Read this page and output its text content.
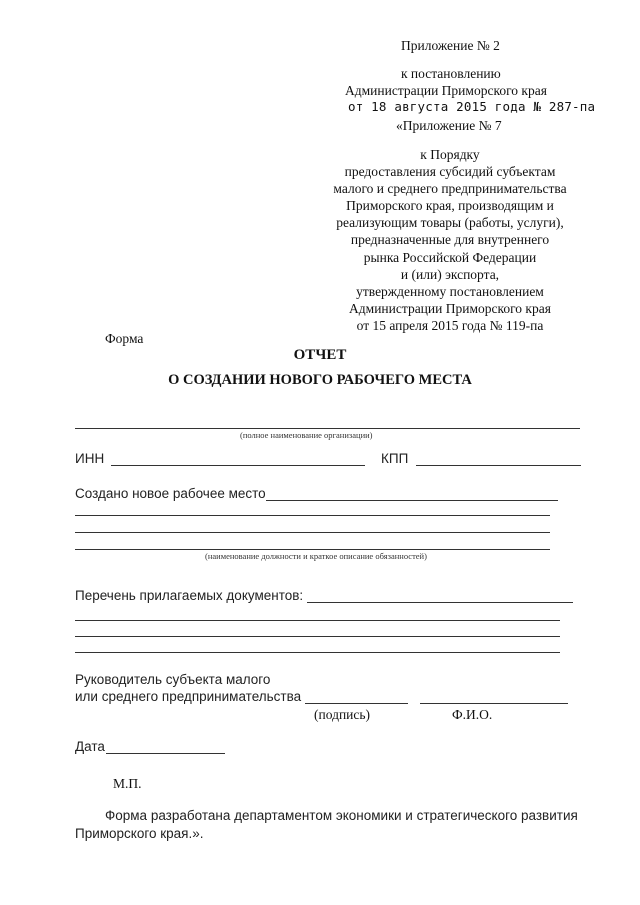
Приложение № 2
к постановлению
Администрации Приморского края
от 18 августа 2015 года № 287-па
«Приложение № 7
к Порядку
предоставления субсидий субъектам
малого и среднего предпринимательства
Приморского края, производящим и
реализующим товары (работы, услуги),
предназначенные для внутреннего
рынка Российской Федерации
и (или) экспорта,
утвержденному постановлением
Администрации Приморского края
от 15 апреля 2015 года № 119-па
Форма
ОТЧЕТ
О СОЗДАНИИ НОВОГО РАБОЧЕГО МЕСТА
(полное наименование организации)
ИНН	КПП
Создано новое рабочее место
(наименование должности и краткое описание обязанностей)
Перечень прилагаемых документов:
Руководитель субъекта малого
или среднего предпринимательства
(подпись)	Ф.И.О.
Дата
М.П.
Форма разработана департаментом экономики и стратегического развития
Приморского края.».
